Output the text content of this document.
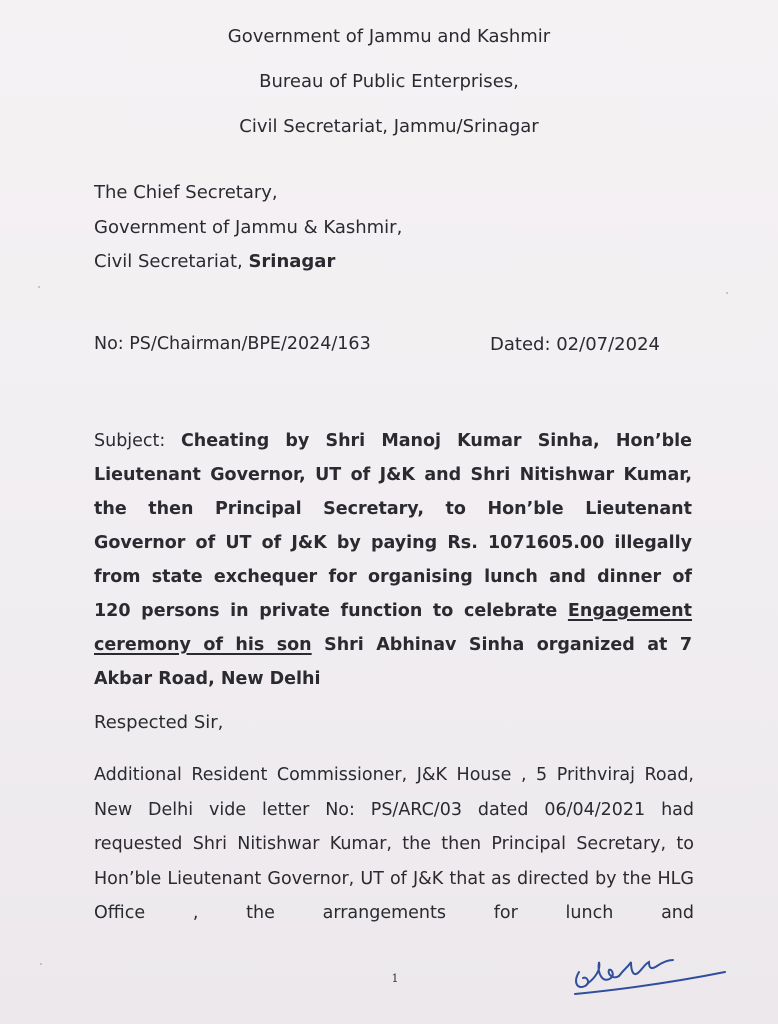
Government of Jammu and Kashmir

Bureau of Public Enterprises,

Civil Secretariat, Jammu/Srinagar

The Chief Secretary,

Government of Jammu & Kashmir,

Civil Secretariat, Srinagar

No: PS/Chairman/BPE/2024/163	Dated: 02/07/2024

Subject: Cheating by Shri Manoj Kumar Sinha, Hon’ble Lieutenant Governor, UT of J&K and Shri Nitishwar Kumar, the then Principal Secretary, to Hon’ble Lieutenant Governor of UT of J&K by paying Rs. 1071605.00 illegally from state exchequer for organising lunch and dinner of 120 persons in private function to celebrate Engagement ceremony of his son Shri Abhinav Sinha organized at 7 Akbar Road, New Delhi

Respected Sir,

Additional Resident Commissioner, J&K House , 5 Prithviraj Road, New Delhi vide letter No: PS/ARC/03 dated 06/04/2021 had requested Shri Nitishwar Kumar, the then Principal Secretary, to Hon’ble Lieutenant Governor, UT of J&K that as directed by the HLG Office , the arrangements for lunch and

1
